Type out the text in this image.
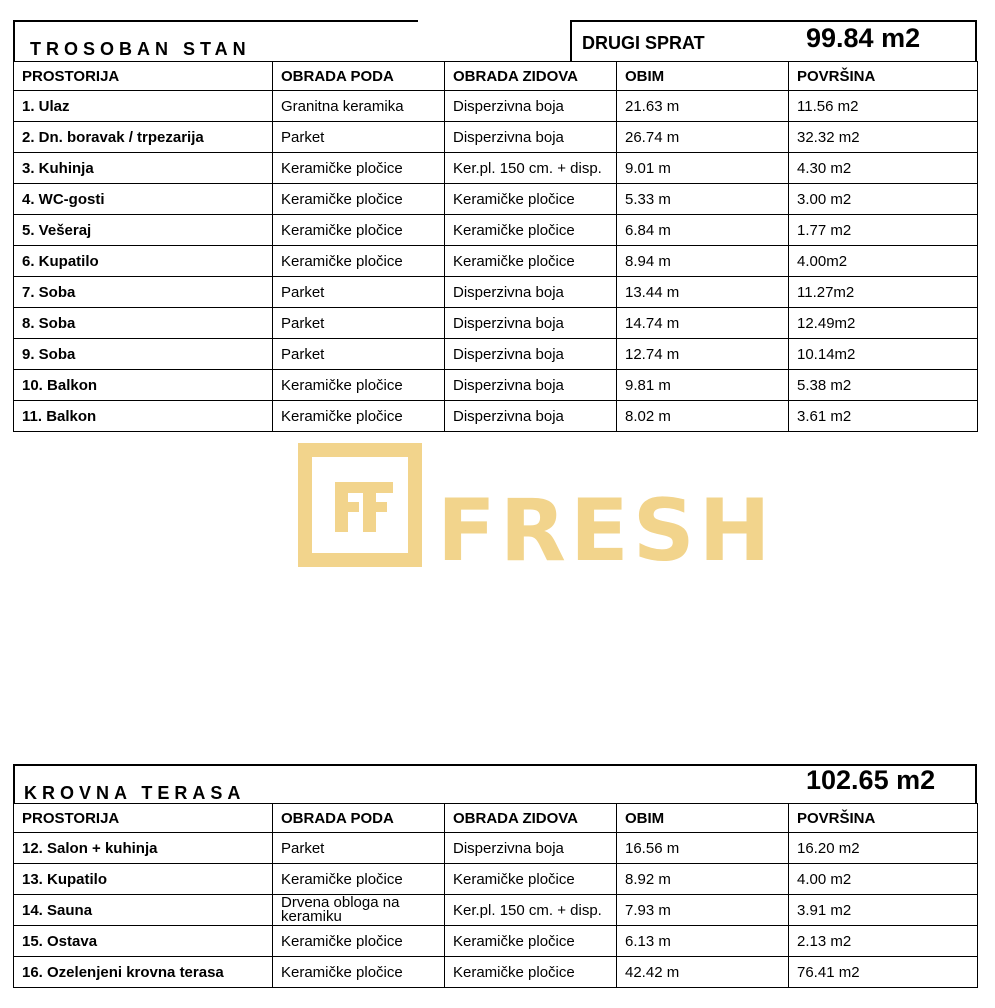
TROSOBAN STAN	DRUGI SPRAT	99.84 m2
PROSTORIJA	OBRADA PODA	OBRADA ZIDOVA	OBIM	POVRŠINA
1. Ulaz	Granitna keramika	Disperzivna boja	21.63 m	11.56 m2
2. Dn. boravak / trpezarija	Parket	Disperzivna boja	26.74 m	32.32 m2
3. Kuhinja	Keramičke pločice	Ker.pl. 150 cm. + disp.	9.01 m	4.30 m2
4. WC-gosti	Keramičke pločice	Keramičke pločice	5.33 m	3.00 m2
5. Vešeraj	Keramičke pločice	Keramičke pločice	6.84 m	1.77 m2
6. Kupatilo	Keramičke pločice	Keramičke pločice	8.94 m	4.00m2
7. Soba	Parket	Disperzivna boja	13.44 m	11.27m2
8. Soba	Parket	Disperzivna boja	14.74 m	12.49m2
9. Soba	Parket	Disperzivna boja	12.74 m	10.14m2
10. Balkon	Keramičke pločice	Disperzivna boja	9.81 m	5.38 m2
11. Balkon	Keramičke pločice	Disperzivna boja	8.02 m	3.61 m2
FRESH
KROVNA TERASA	102.65 m2
PROSTORIJA	OBRADA PODA	OBRADA ZIDOVA	OBIM	POVRŠINA
12. Salon + kuhinja	Parket	Disperzivna boja	16.56 m	16.20 m2
13. Kupatilo	Keramičke pločice	Keramičke pločice	8.92 m	4.00 m2
14. Sauna	Drvena obloga na keramiku	Ker.pl. 150 cm. + disp.	7.93 m	3.91 m2
15. Ostava	Keramičke pločice	Keramičke pločice	6.13 m	2.13 m2
16. Ozelenjeni krovna terasa	Keramičke pločice	Keramičke pločice	42.42 m	76.41 m2
